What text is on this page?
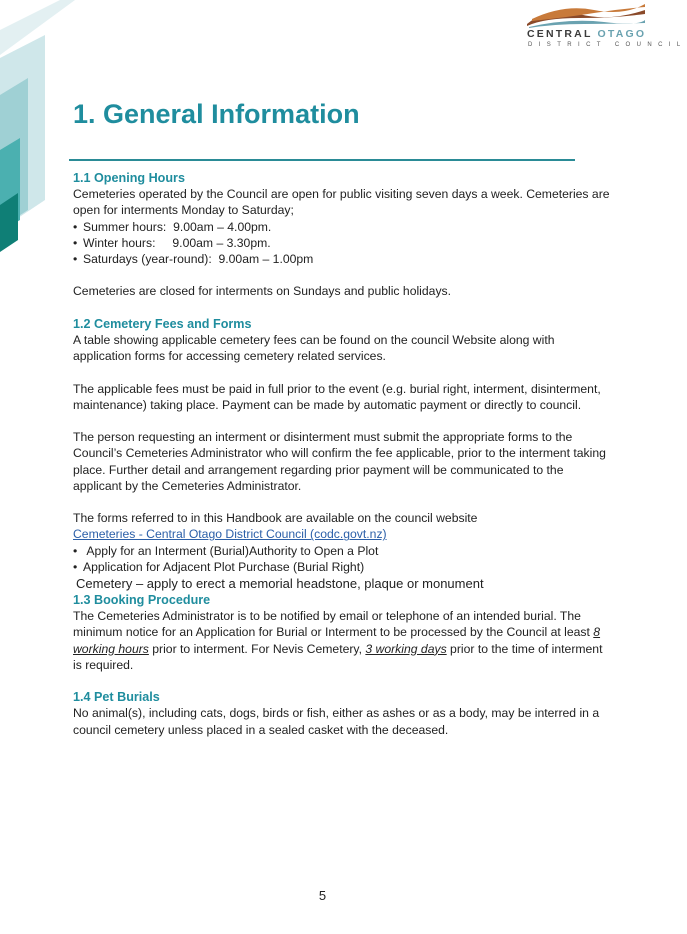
CENTRAL OTAGO
DISTRICT COUNCIL
1. General Information
1.1 Opening Hours

Cemeteries operated by the Council are open for public visiting seven days a week. Cemeteries are open for interments Monday to Saturday;

• Summer hours:  9.00am – 4.00pm.

• Winter hours:     9.00am – 3.30pm.

• Saturdays (year-round):  9.00am – 1.00pm

Cemeteries are closed for interments on Sundays and public holidays.

1.2 Cemetery Fees and Forms

A table showing applicable cemetery fees can be found on the council Website along with application forms for accessing cemetery related services.

The applicable fees must be paid in full prior to the event (e.g. burial right, interment, disinterment, maintenance) taking place. Payment can be made by automatic payment or directly to council.

The person requesting an interment or disinterment must submit the appropriate forms to the Council’s Cemeteries Administrator who will confirm the fee applicable, prior to the interment taking place. Further detail and arrangement regarding prior payment will be communicated to the applicant by the Cemeteries Administrator.

The forms referred to in this Handbook are available on the council website

Cemeteries - Central Otago District Council (codc.govt.nz)

•  Apply for an Interment (Burial)Authority to Open a Plot

• Application for Adjacent Plot Purchase (Burial Right)

Cemetery – apply to erect a memorial headstone, plaque or monument

1.3 Booking Procedure

The Cemeteries Administrator is to be notified by email or telephone of an intended burial. The minimum notice for an Application for Burial or Interment to be processed by the Council at least 8 working hours prior to interment. For Nevis Cemetery, 3 working days prior to the time of interment is required.

1.4 Pet Burials

No animal(s), including cats, dogs, birds or fish, either as ashes or as a body, may be interred in a council cemetery unless placed in a sealed casket with the deceased.

5
